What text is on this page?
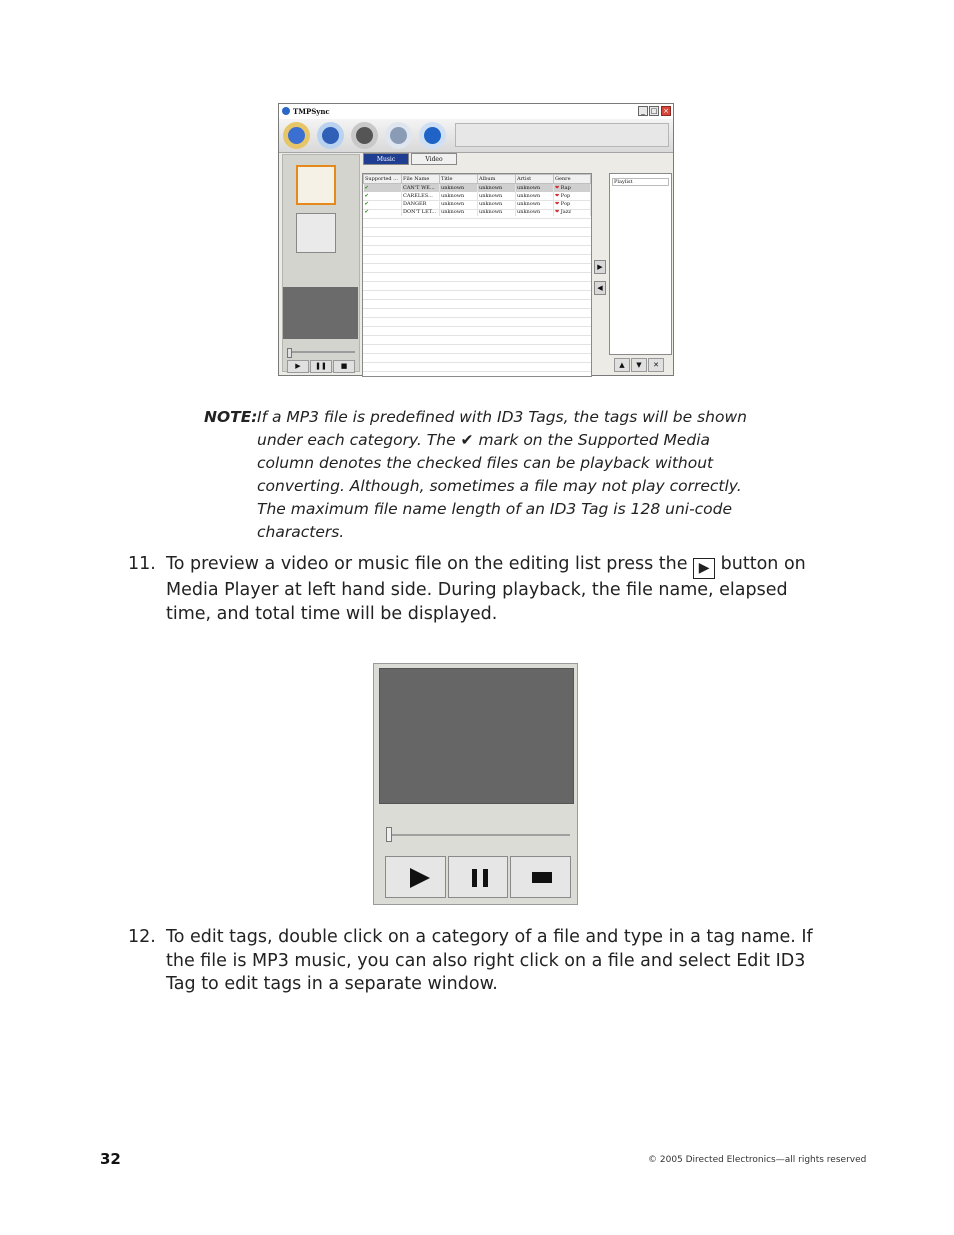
TMPSync	_ □ ×
▶	❚❚	■
Music	Video
Supported ...	File Name	Title	Album	Artist	Genre
✔	CAN'T WE...	unknown	unknown	unknown	❤ Rap
✔	CARELES...	unknown	unknown	unknown	❤ Pop
✔	DANGER	unknown	unknown	unknown	❤ Pop
✔	DON'T LET...	unknown	unknown	unknown	❤ Jazz
▶
◀
Playlist
▲	▼	✕
NOTE: If a MP3 file is predefined with ID3 Tags, the tags will be shown under each category. The ✔ mark on the Supported Media column denotes the checked files can be playback without converting. Although, sometimes a file may not play correctly. The maximum file name length of an ID3 Tag is 128 uni-code characters.
11. To preview a video or music file on the editing list press the ▶ button on Media Player at left hand side. During playback, the file name, elapsed time, and total time will be displayed.
12. To edit tags, double click on a category of a file and type in a tag name. If the file is MP3 music, you can also right click on a file and select Edit ID3 Tag to edit tags in a separate window.
32	© 2005 Directed Electronics—all rights reserved
